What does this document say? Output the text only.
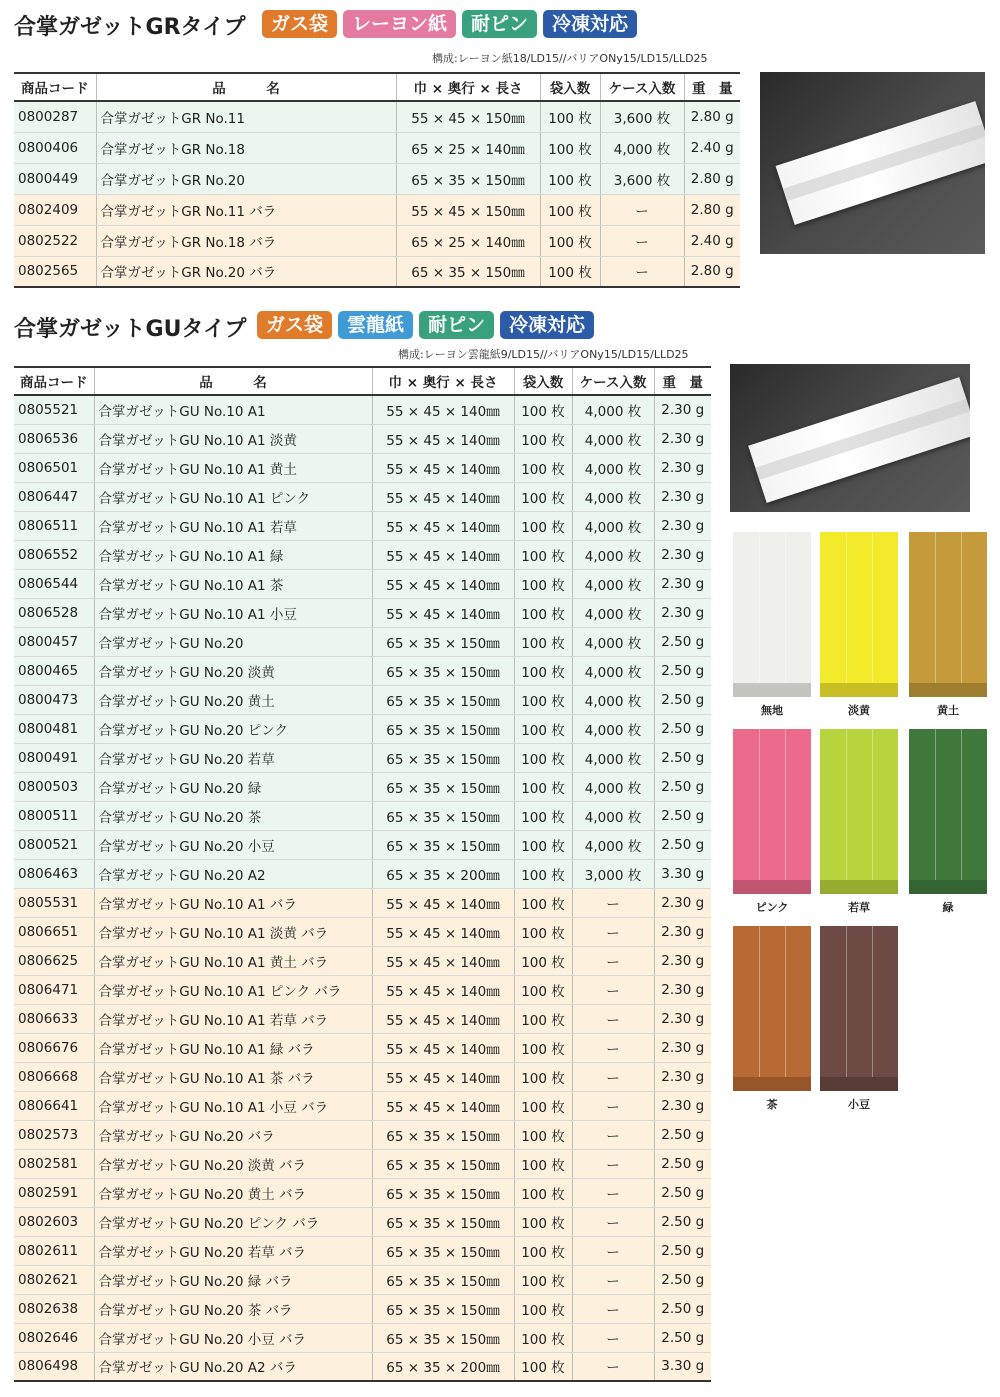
合掌ガゼットGRタイプ	ガス袋	レーヨン紙	耐ピン	冷凍対応
構成:レーヨン紙18/LD15//バリアONy15/LD15/LLD25
商品コード	品　　　名	巾 × 奥行 × 長さ	袋入数	ケース入数	重　量
0800287	合掌ガゼットGR No.11	55 × 45 × 150㎜	100 枚	3,600 枚	2.80 g
0800406	合掌ガゼットGR No.18	65 × 25 × 140㎜	100 枚	4,000 枚	2.40 g
0800449	合掌ガゼットGR No.20	65 × 35 × 150㎜	100 枚	3,600 枚	2.80 g
0802409	合掌ガゼットGR No.11 バラ	55 × 45 × 150㎜	100 枚	ー	2.80 g
0802522	合掌ガゼットGR No.18 バラ	65 × 25 × 140㎜	100 枚	ー	2.40 g
0802565	合掌ガゼットGR No.20 バラ	65 × 35 × 150㎜	100 枚	ー	2.80 g
合掌ガゼットGUタイプ	ガス袋	雲龍紙	耐ピン	冷凍対応
構成:レーヨン雲龍紙9/LD15//バリアONy15/LD15/LLD25
商品コード	品　　　名	巾 × 奥行 × 長さ	袋入数	ケース入数	重　量
0805521	合掌ガゼットGU No.10 A1	55 × 45 × 140㎜	100 枚	4,000 枚	2.30 g
0806536	合掌ガゼットGU No.10 A1 淡黄	55 × 45 × 140㎜	100 枚	4,000 枚	2.30 g
0806501	合掌ガゼットGU No.10 A1 黄土	55 × 45 × 140㎜	100 枚	4,000 枚	2.30 g
0806447	合掌ガゼットGU No.10 A1 ピンク	55 × 45 × 140㎜	100 枚	4,000 枚	2.30 g
0806511	合掌ガゼットGU No.10 A1 若草	55 × 45 × 140㎜	100 枚	4,000 枚	2.30 g
0806552	合掌ガゼットGU No.10 A1 緑	55 × 45 × 140㎜	100 枚	4,000 枚	2.30 g
0806544	合掌ガゼットGU No.10 A1 茶	55 × 45 × 140㎜	100 枚	4,000 枚	2.30 g
0806528	合掌ガゼットGU No.10 A1 小豆	55 × 45 × 140㎜	100 枚	4,000 枚	2.30 g
0800457	合掌ガゼットGU No.20	65 × 35 × 150㎜	100 枚	4,000 枚	2.50 g
0800465	合掌ガゼットGU No.20 淡黄	65 × 35 × 150㎜	100 枚	4,000 枚	2.50 g
0800473	合掌ガゼットGU No.20 黄土	65 × 35 × 150㎜	100 枚	4,000 枚	2.50 g
0800481	合掌ガゼットGU No.20 ピンク	65 × 35 × 150㎜	100 枚	4,000 枚	2.50 g
0800491	合掌ガゼットGU No.20 若草	65 × 35 × 150㎜	100 枚	4,000 枚	2.50 g
0800503	合掌ガゼットGU No.20 緑	65 × 35 × 150㎜	100 枚	4,000 枚	2.50 g
0800511	合掌ガゼットGU No.20 茶	65 × 35 × 150㎜	100 枚	4,000 枚	2.50 g
0800521	合掌ガゼットGU No.20 小豆	65 × 35 × 150㎜	100 枚	4,000 枚	2.50 g
0806463	合掌ガゼットGU No.20 A2	65 × 35 × 200㎜	100 枚	3,000 枚	3.30 g
0805531	合掌ガゼットGU No.10 A1 バラ	55 × 45 × 140㎜	100 枚	ー	2.30 g
0806651	合掌ガゼットGU No.10 A1 淡黄 バラ	55 × 45 × 140㎜	100 枚	ー	2.30 g
0806625	合掌ガゼットGU No.10 A1 黄土 バラ	55 × 45 × 140㎜	100 枚	ー	2.30 g
0806471	合掌ガゼットGU No.10 A1 ピンク バラ	55 × 45 × 140㎜	100 枚	ー	2.30 g
0806633	合掌ガゼットGU No.10 A1 若草 バラ	55 × 45 × 140㎜	100 枚	ー	2.30 g
0806676	合掌ガゼットGU No.10 A1 緑 バラ	55 × 45 × 140㎜	100 枚	ー	2.30 g
0806668	合掌ガゼットGU No.10 A1 茶 バラ	55 × 45 × 140㎜	100 枚	ー	2.30 g
0806641	合掌ガゼットGU No.10 A1 小豆 バラ	55 × 45 × 140㎜	100 枚	ー	2.30 g
0802573	合掌ガゼットGU No.20 バラ	65 × 35 × 150㎜	100 枚	ー	2.50 g
0802581	合掌ガゼットGU No.20 淡黄 バラ	65 × 35 × 150㎜	100 枚	ー	2.50 g
0802591	合掌ガゼットGU No.20 黄土 バラ	65 × 35 × 150㎜	100 枚	ー	2.50 g
0802603	合掌ガゼットGU No.20 ピンク バラ	65 × 35 × 150㎜	100 枚	ー	2.50 g
0802611	合掌ガゼットGU No.20 若草 バラ	65 × 35 × 150㎜	100 枚	ー	2.50 g
0802621	合掌ガゼットGU No.20 緑 バラ	65 × 35 × 150㎜	100 枚	ー	2.50 g
0802638	合掌ガゼットGU No.20 茶 バラ	65 × 35 × 150㎜	100 枚	ー	2.50 g
0802646	合掌ガゼットGU No.20 小豆 バラ	65 × 35 × 150㎜	100 枚	ー	2.50 g
0806498	合掌ガゼットGU No.20 A2 バラ	65 × 35 × 200㎜	100 枚	ー	3.30 g
無地	淡黄	黄土
ピンク	若草	緑
茶	小豆
